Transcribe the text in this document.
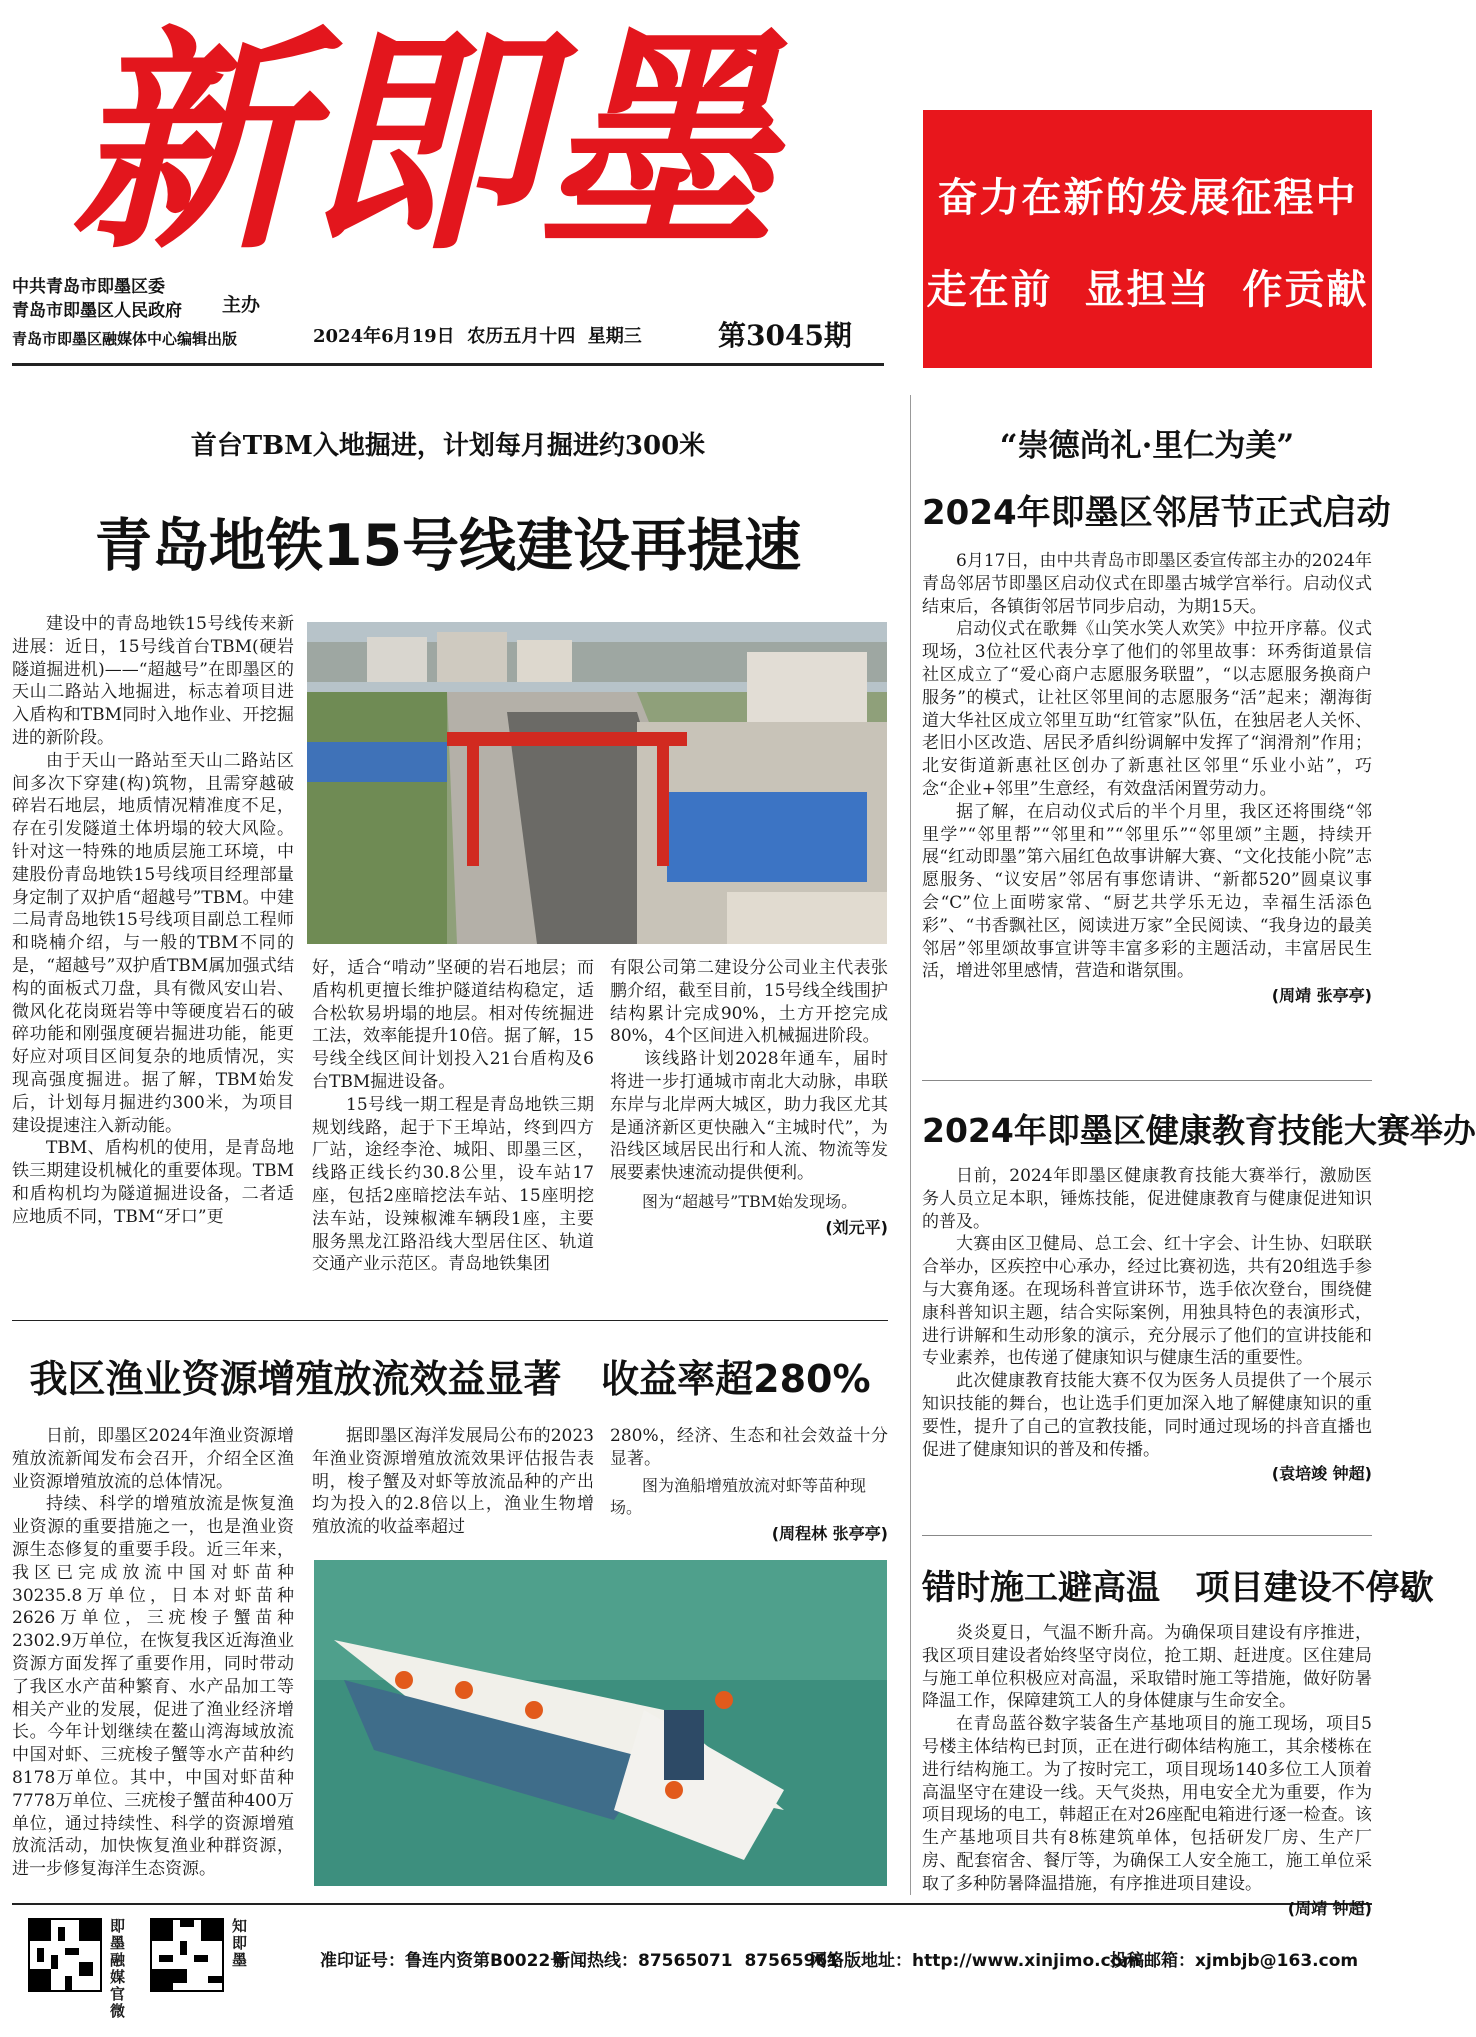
新即墨
中共青岛市即墨区委
青岛市即墨区人民政府 主办
青岛市即墨区融媒体中心编辑出版	2024年6月19日  农历五月十四  星期三	第3045期
奋力在新的发展征程中
走在前  显担当  作贡献
首台TBM入地掘进，计划每月掘进约300米
青岛地铁15号线建设再提速

建设中的青岛地铁15号线传来新进展：近日，15号线首台TBM(硬岩隧道掘进机)——“超越号”在即墨区的天山二路站入地掘进，标志着项目进入盾构和TBM同时入地作业、开挖掘进的新阶段。

由于天山一路站至天山二路站区间多次下穿建(构)筑物，且需穿越破碎岩石地层，地质情况精准度不足，存在引发隧道土体坍塌的较大风险。针对这一特殊的地质层施工环境，中建股份青岛地铁15号线项目经理部量身定制了双护盾“超越号”TBM。中建二局青岛地铁15号线项目副总工程师和晓楠介绍，与一般的TBM不同的是，“超越号”双护盾TBM属加强式结构的面板式刀盘，具有微风安山岩、微风化花岗斑岩等中等硬度岩石的破碎功能和刚强度硬岩掘进功能，能更好应对项目区间复杂的地质情况，实现高强度掘进。据了解，TBM始发后，计划每月掘进约300米，为项目建设提速注入新动能。

TBM、盾构机的使用，是青岛地铁三期建设机械化的重要体现。TBM和盾构机均为隧道掘进设备，二者适应地质不同，TBM“牙口”更

好，适合“啃动”坚硬的岩石地层；而盾构机更擅长维护隧道结构稳定，适合松软易坍塌的地层。相对传统掘进工法，效率能提升10倍。据了解，15号线全线区间计划投入21台盾构及6台TBM掘进设备。

15号线一期工程是青岛地铁三期规划线路，起于下王埠站，终到四方厂站，途经李沧、城阳、即墨三区，线路正线长约30.8公里，设车站17座，包括2座暗挖法车站、15座明挖法车站，设辣椒滩车辆段1座，主要服务黑龙江路沿线大型居住区、轨道交通产业示范区。青岛地铁集团

有限公司第二建设分公司业主代表张鹏介绍，截至目前，15号线全线围护结构累计完成90%，土方开挖完成80%，4个区间进入机械掘进阶段。

该线路计划2028年通车，届时将进一步打通城市南北大动脉，串联东岸与北岸两大城区，助力我区尤其是通济新区更快融入“主城时代”，为沿线区域居民出行和人流、物流等发展要素快速流动提供便利。

图为“超越号”TBM始发现场。

(刘元平)

我区渔业资源增殖放流效益显著   收益率超280%

日前，即墨区2024年渔业资源增殖放流新闻发布会召开，介绍全区渔业资源增殖放流的总体情况。

持续、科学的增殖放流是恢复渔业资源的重要措施之一，也是渔业资源生态修复的重要手段。近三年来，我区已完成放流中国对虾苗种30235.8万单位，日本对虾苗种2626万单位，三疣梭子蟹苗种2302.9万单位，在恢复我区近海渔业资源方面发挥了重要作用，同时带动了我区水产苗种繁育、水产品加工等相关产业的发展，促进了渔业经济增长。今年计划继续在鳌山湾海域放流中国对虾、三疣梭子蟹等水产苗种约8178万单位。其中，中国对虾苗种7778万单位、三疣梭子蟹苗种400万单位，通过持续性、科学的资源增殖放流活动，加快恢复渔业种群资源，进一步修复海洋生态资源。

据即墨区海洋发展局公布的2023年渔业资源增殖放流效果评估报告表明，梭子蟹及对虾等放流品种的产出均为投入的2.8倍以上，渔业生物增殖放流的收益率超过

280%，经济、生态和社会效益十分显著。

图为渔船增殖放流对虾等苗种现场。

(周程林 张亭亭)

“崇德尚礼·里仁为美”
2024年即墨区邻居节正式启动

6月17日，由中共青岛市即墨区委宣传部主办的2024年青岛邻居节即墨区启动仪式在即墨古城学宫举行。启动仪式结束后，各镇街邻居节同步启动，为期15天。

启动仪式在歌舞《山笑水笑人欢笑》中拉开序幕。仪式现场，3位社区代表分享了他们的邻里故事：环秀街道景信社区成立了“爱心商户志愿服务联盟”，“以志愿服务换商户服务”的模式，让社区邻里间的志愿服务“活”起来；潮海街道大华社区成立邻里互助“红管家”队伍，在独居老人关怀、老旧小区改造、居民矛盾纠纷调解中发挥了“润滑剂”作用；北安街道新惠社区创办了新惠社区邻里“乐业小站”，巧念“企业+邻里”生意经，有效盘活闲置劳动力。

据了解，在启动仪式后的半个月里，我区还将围绕“邻里学”“邻里帮”“邻里和”“邻里乐”“邻里颂”主题，持续开展“红动即墨”第六届红色故事讲解大赛、“文化技能小院”志愿服务、“议安居”邻居有事您请讲、“新都520”圆桌议事会“C”位上面唠家常、“厨艺共学乐无边，幸福生活添色彩”、“书香飘社区，阅读进万家”全民阅读、“我身边的最美邻居”邻里颂故事宣讲等丰富多彩的主题活动，丰富居民生活，增进邻里感情，营造和谐氛围。

(周靖 张亭亭)

2024年即墨区健康教育技能大赛举办

日前，2024年即墨区健康教育技能大赛举行，激励医务人员立足本职，锤炼技能，促进健康教育与健康促进知识的普及。

大赛由区卫健局、总工会、红十字会、计生协、妇联联合举办，区疾控中心承办，经过比赛初选，共有20组选手参与大赛角逐。在现场科普宣讲环节，选手依次登台，围绕健康科普知识主题，结合实际案例，用独具特色的表演形式，进行讲解和生动形象的演示，充分展示了他们的宣讲技能和专业素养，也传递了健康知识与健康生活的重要性。

此次健康教育技能大赛不仅为医务人员提供了一个展示知识技能的舞台，也让选手们更加深入地了解健康知识的重要性，提升了自己的宣教技能，同时通过现场的抖音直播也促进了健康知识的普及和传播。

(袁培竣 钟超)

错时施工避高温   项目建设不停歇

炎炎夏日，气温不断升高。为确保项目建设有序推进，我区项目建设者始终坚守岗位，抢工期、赶进度。区住建局与施工单位积极应对高温，采取错时施工等措施，做好防暑降温工作，保障建筑工人的身体健康与生命安全。

在青岛蓝谷数字装备生产基地项目的施工现场，项目5号楼主体结构已封顶，正在进行砌体结构施工，其余楼栋在进行结构施工。为了按时完工，项目现场140多位工人顶着高温坚守在建设一线。天气炎热，用电安全尤为重要，作为项目现场的电工，韩超正在对26座配电箱进行逐一检查。该生产基地项目共有8栋建筑单体，包括研发厂房、生产厂房、配套宿舍、餐厅等，为确保工人安全施工，施工单位采取了多种防暑降温措施，有序推进项目建设。

(周靖 钟超)

即墨融媒官微
知即墨	准印证号：鲁连内资第B0022号
新闻热线：87565071  87565961
网络版地址：http://www.xinjimo.com
投稿邮箱：xjmbjb@163.com
